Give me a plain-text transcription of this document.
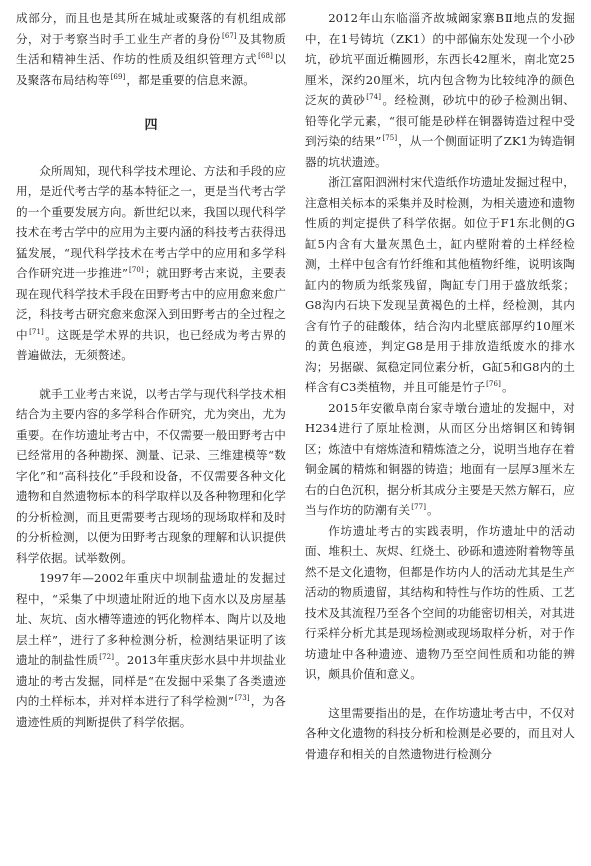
成部分，而且也是其所在城址或聚落的有机组成部分，对于考察当时手工业生产者的身份[67]及其物质生活和精神生活、作坊的性质及组织管理方式[68]以及聚落布局结构等[69]，都是重要的信息来源。

四

众所周知，现代科学技术理论、方法和手段的应用，是近代考古学的基本特征之一，更是当代考古学的一个重要发展方向。新世纪以来，我国以现代科学技术在考古学中的应用为主要内涵的科技考古获得迅猛发展，“现代科学技术在考古学中的应用和多学科合作研究进一步推进”[70]；就田野考古来说，主要表现在现代科学技术手段在田野考古中的应用愈来愈广泛，科技考古研究愈来愈深入到田野考古的全过程之中[71]。这既是学术界的共识，也已经成为考古界的普遍做法，无须赘述。

就手工业考古来说，以考古学与现代科学技术相结合为主要内容的多学科合作研究，尤为突出，尤为重要。在作坊遗址考古中，不仅需要一般田野考古中已经常用的各种勘探、测量、记录、三维建模等“数字化”和“高科技化”手段和设备，不仅需要各种文化遗物和自然遗物标本的科学取样以及各种物理和化学的分析检测，而且更需要考古现场的现场取样和及时的分析检测，以便为田野考古现象的理解和认识提供科学依据。试举数例。

1997年—2002年重庆中坝制盐遗址的发掘过程中，“采集了中坝遗址附近的地下卤水以及房屋基址、灰坑、卤水槽等遗迹的钙化物样本、陶片以及地层土样”，进行了多种检测分析，检测结果证明了该遗址的制盐性质[72]。2013年重庆彭水县中井坝盐业遗址的考古发掘，同样是“在发掘中采集了各类遗迹内的土样标本，并对样本进行了科学检测”[73]，为各遗迹性质的判断提供了科学依据。

2012年山东临淄齐故城阚家寨BⅡ地点的发掘中，在1号铸坑（ZK1）的中部偏东处发现一个小砂坑，砂坑平面近椭圆形，东西长42厘米，南北宽25厘米，深约20厘米，坑内包含物为比较纯净的颜色泛灰的黄砂[74]。经检测，砂坑中的砂子检测出铜、铅等化学元素，“很可能是砂样在铜器铸造过程中受到污染的结果”[75]，从一个侧面证明了ZK1为铸造铜器的坑状遗迹。

浙江富阳泗洲村宋代造纸作坊遗址发掘过程中，注意相关标本的采集并及时检测，为相关遗迹和遗物性质的判定提供了科学依据。如位于F1东北侧的G缸5内含有大量灰黑色土，缸内壁附着的土样经检测，土样中包含有竹纤维和其他植物纤维，说明该陶缸内的物质为纸浆残留，陶缸专门用于盛放纸浆；G8沟内石块下发现呈黄褐色的土样，经检测，其内含有竹子的硅酸体，结合沟内北壁底部厚约10厘米的黄色痕迹，判定G8是用于排放造纸废水的排水沟；另据碳、氮稳定同位素分析，G缸5和G8内的土样含有C3类植物，并且可能是竹子[76]。

2015年安徽阜南台家寺墩台遗址的发掘中，对H234进行了原址检测，从而区分出熔铜区和铸铜区；炼渣中有熔炼渣和精炼渣之分，说明当地存在着铜金属的精炼和铜器的铸造；地面有一层厚3厘米左右的白色沉积，据分析其成分主要是天然方解石，应当与作坊的防潮有关[77]。

作坊遗址考古的实践表明，作坊遗址中的活动面、堆积土、灰烬、红烧土、砂砾和遗迹附着物等虽然不是文化遗物，但都是作坊内人的活动尤其是生产活动的物质遗留，其结构和特性与作坊的性质、工艺技术及其流程乃至各个空间的功能密切相关，对其进行采样分析尤其是现场检测或现场取样分析，对于作坊遗址中各种遗迹、遗物乃至空间性质和功能的辨识，颇具价值和意义。

这里需要指出的是，在作坊遗址考古中，不仅对各种文化遗物的科技分析和检测是必要的，而且对人骨遗存和相关的自然遗物进行检测分
